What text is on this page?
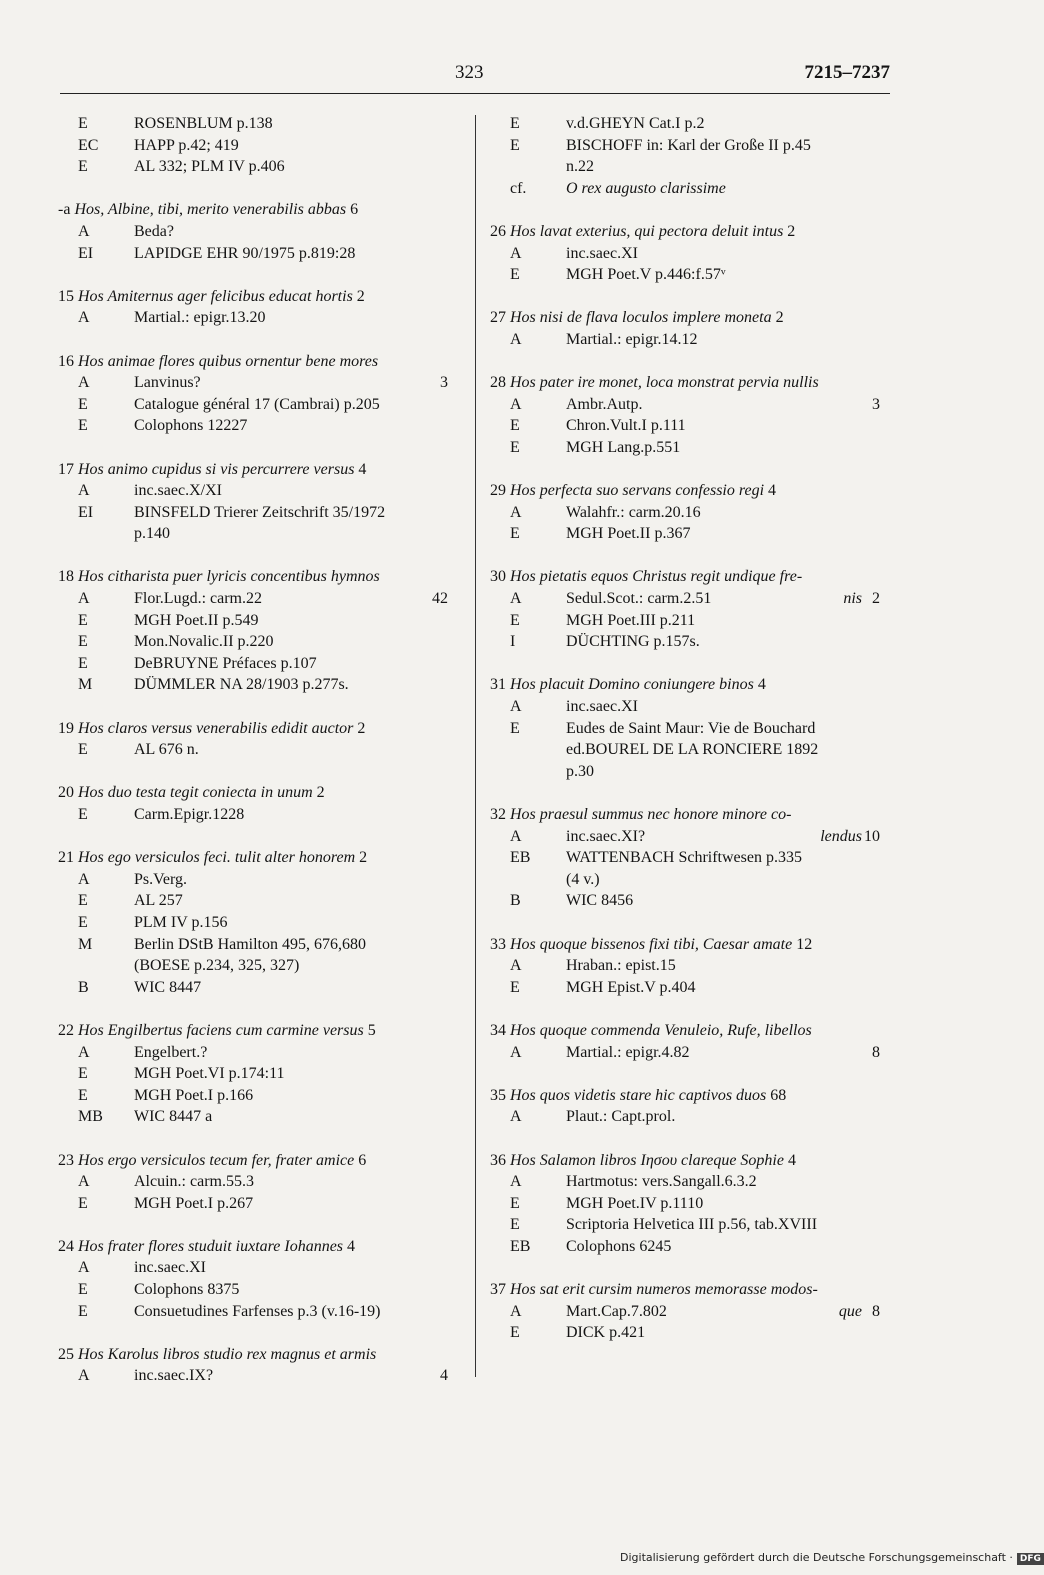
323	7215–7237
E	ROSENBLUM p.138
EC	HAPP p.42; 419
E	AL 332; PLM IV p.406
-a Hos, Albine, tibi, merito venerabilis abbas 6
A	Beda?
EI	LAPIDGE EHR 90/1975 p.819:28
15 Hos Amiternus ager felicibus educat hortis 2
A	Martial.: epigr.13.20
16 Hos animae flores quibus ornentur bene mores
A	Lanvinus?	3
E	Catalogue général 17 (Cambrai) p.205
E	Colophons 12227
17 Hos animo cupidus si vis percurrere versus 4
A	inc.saec.X/XI
EI	BINSFELD Trierer Zeitschrift 35/1972
p.140
18 Hos citharista puer lyricis concentibus hymnos
A	Flor.Lugd.: carm.22	42
E	MGH Poet.II p.549
E	Mon.Novalic.II p.220
E	DeBRUYNE Préfaces p.107
M	DÜMMLER NA 28/1903 p.277s.
19 Hos claros versus venerabilis edidit auctor 2
E	AL 676 n.
20 Hos duo testa tegit coniecta in unum 2
E	Carm.Epigr.1228
21 Hos ego versiculos feci. tulit alter honorem 2
A	Ps.Verg.
E	AL 257
E	PLM IV p.156
M	Berlin DStB Hamilton 495, 676,680
(BOESE p.234, 325, 327)
B	WIC 8447
22 Hos Engilbertus faciens cum carmine versus 5
A	Engelbert.?
E	MGH Poet.VI p.174:11
E	MGH Poet.I p.166
MB	WIC 8447 a
23 Hos ergo versiculos tecum fer, frater amice 6
A	Alcuin.: carm.55.3
E	MGH Poet.I p.267
24 Hos frater flores studuit iuxtare Iohannes 4
A	inc.saec.XI
E	Colophons 8375
E	Consuetudines Farfenses p.3 (v.16-19)
25 Hos Karolus libros studio rex magnus et armis
A	inc.saec.IX?	4
E	v.d.GHEYN Cat.I p.2
E	BISCHOFF in: Karl der Große II p.45
n.22
cf.	O rex augusto clarissime
26 Hos lavat exterius, qui pectora deluit intus 2
A	inc.saec.XI
E	MGH Poet.V p.446:f.57ᵛ
27 Hos nisi de flava loculos implere moneta 2
A	Martial.: epigr.14.12
28 Hos pater ire monet, loca monstrat pervia nullis
A	Ambr.Autp.	3
E	Chron.Vult.I p.111
E	MGH Lang.p.551
29 Hos perfecta suo servans confessio regi 4
A	Walahfr.: carm.20.16
E	MGH Poet.II p.367
30 Hos pietatis equos Christus regit undique fre-
A	Sedul.Scot.: carm.2.51	nis 2
E	MGH Poet.III p.211
I	DÜCHTING p.157s.
31 Hos placuit Domino coniungere binos 4
A	inc.saec.XI
E	Eudes de Saint Maur: Vie de Bouchard
ed.BOUREL DE LA RONCIERE 1892
p.30
32 Hos praesul summus nec honore minore co-
A	inc.saec.XI?	lendus 10
EB	WATTENBACH Schriftwesen p.335
(4 v.)
B	WIC 8456
33 Hos quoque bissenos fixi tibi, Caesar amate 12
A	Hraban.: epist.15
E	MGH Epist.V p.404
34 Hos quoque commenda Venuleio, Rufe, libellos
A	Martial.: epigr.4.82	8
35 Hos quos videtis stare hic captivos duos 68
A	Plaut.: Capt.prol.
36 Hos Salamon libros Ιησου clareque Sophie 4
A	Hartmotus: vers.Sangall.6.3.2
E	MGH Poet.IV p.1110
E	Scriptoria Helvetica III p.56, tab.XVIII
EB	Colophons 6245
37 Hos sat erit cursim numeros memorasse modos-
A	Mart.Cap.7.802	que 8
E	DICK p.421
Digitalisierung gefördert durch die Deutsche Forschungsgemeinschaft · DFG
